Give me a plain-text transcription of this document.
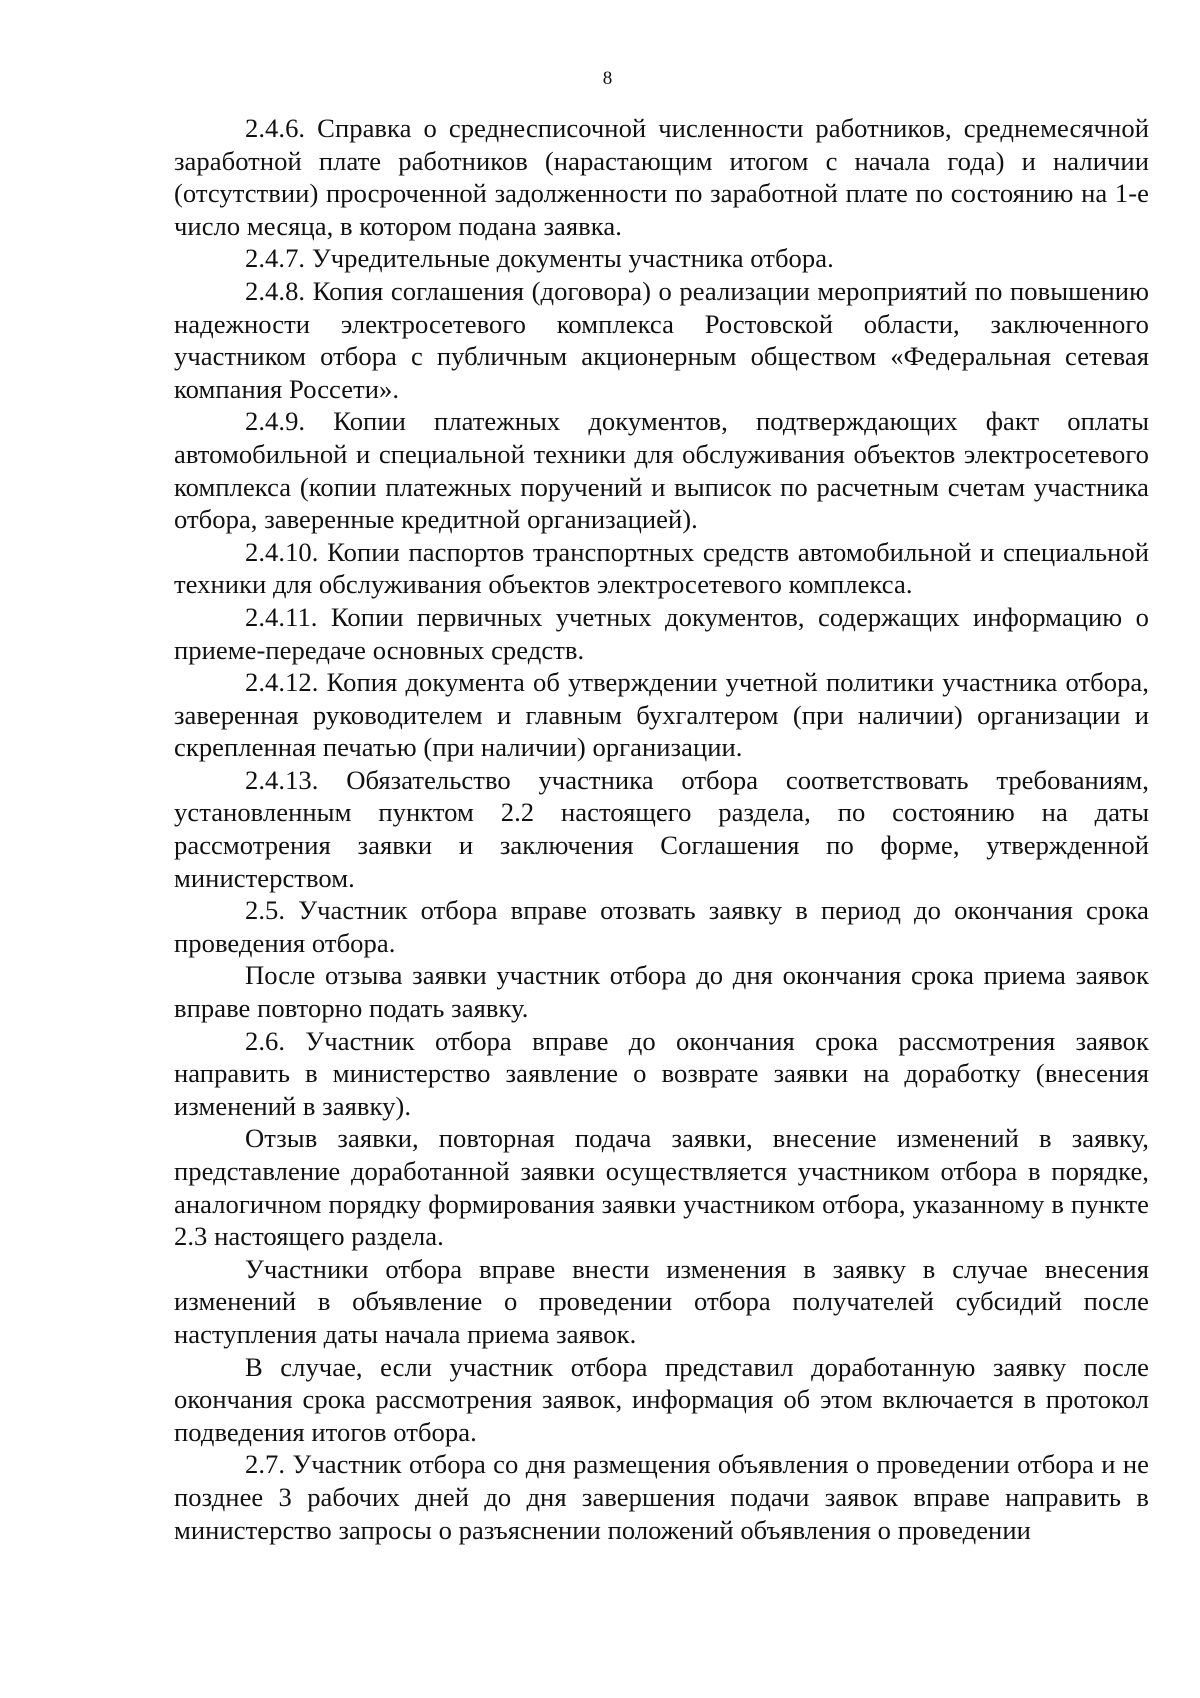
8

2.4.6. Справка о среднесписочной численности работников, среднемесячной заработной плате работников (нарастающим итогом с начала года) и наличии (отсутствии) просроченной задолженности по заработной плате по состоянию на 1-е число месяца, в котором подана заявка.

2.4.7. Учредительные документы участника отбора.

2.4.8. Копия соглашения (договора) о реализации мероприятий по повышению надежности электросетевого комплекса Ростовской области, заключенного участником отбора с публичным акционерным обществом «Федеральная сетевая компания Россети».

2.4.9. Копии платежных документов, подтверждающих факт оплаты автомобильной и специальной техники для обслуживания объектов электросетевого комплекса (копии платежных поручений и выписок по расчетным счетам участника отбора, заверенные кредитной организацией).

2.4.10. Копии паспортов транспортных средств автомобильной и специальной техники для обслуживания объектов электросетевого комплекса.

2.4.11. Копии первичных учетных документов, содержащих информацию о приеме-передаче основных средств.

2.4.12. Копия документа об утверждении учетной политики участника отбора, заверенная руководителем и главным бухгалтером (при наличии) организации и скрепленная печатью (при наличии) организации.

2.4.13. Обязательство участника отбора соответствовать требованиям, установленным пунктом 2.2 настоящего раздела, по состоянию на даты рассмотрения заявки и заключения Соглашения по форме, утвержденной министерством.

2.5. Участник отбора вправе отозвать заявку в период до окончания срока проведения отбора.

После отзыва заявки участник отбора до дня окончания срока приема заявок вправе повторно подать заявку.

2.6. Участник отбора вправе до окончания срока рассмотрения заявок направить в министерство заявление о возврате заявки на доработку (внесения изменений в заявку).

Отзыв заявки, повторная подача заявки, внесение изменений в заявку, представление доработанной заявки осуществляется участником отбора в порядке, аналогичном порядку формирования заявки участником отбора, указанному в пункте 2.3 настоящего раздела.

Участники отбора вправе внести изменения в заявку в случае внесения изменений в объявление о проведении отбора получателей субсидий после наступления даты начала приема заявок.

В случае, если участник отбора представил доработанную заявку после окончания срока рассмотрения заявок, информация об этом включается в протокол подведения итогов отбора.

2.7. Участник отбора со дня размещения объявления о проведении отбора и не позднее 3 рабочих дней до дня завершения подачи заявок вправе направить в министерство запросы о разъяснении положений объявления о проведении
